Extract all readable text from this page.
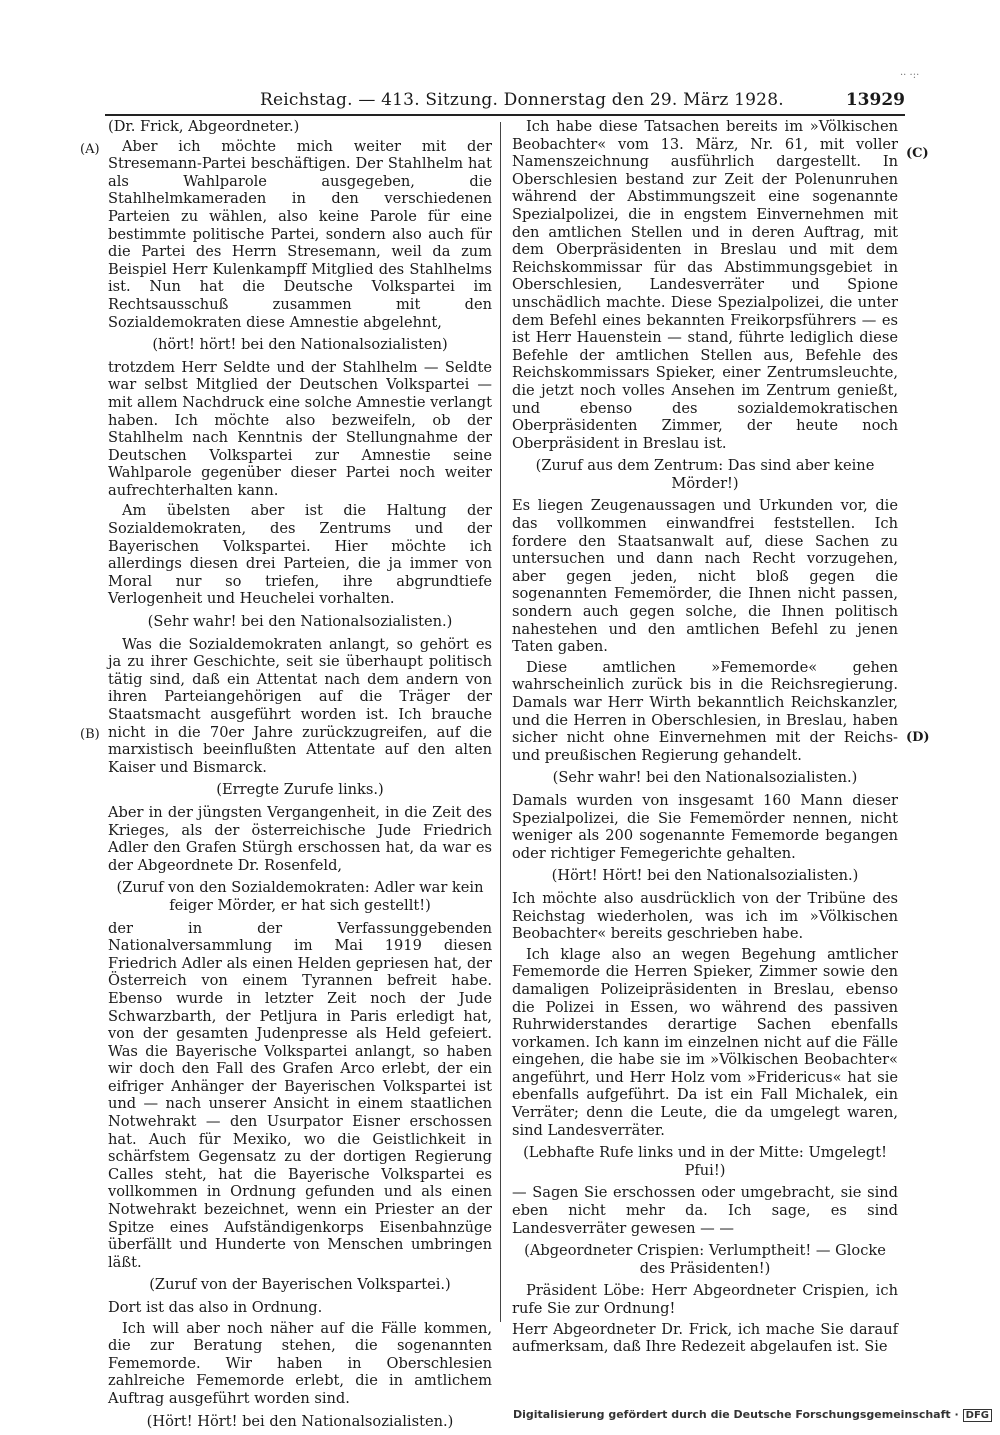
·· ·:·
Reichstag. — 413. Sitzung. Donnerstag den 29. März 1928.	13929
(A)
(B)
(C)
(D)

(Dr. Frick, Abgeordneter.)

Aber ich möchte mich weiter mit der Stresemann-Partei beschäftigen. Der Stahlhelm hat als Wahlparole ausgegeben, die Stahlhelmkameraden in den verschiedenen Parteien zu wählen, also keine Parole für eine bestimmte politische Partei, sondern also auch für die Partei des Herrn Stresemann, weil da zum Beispiel Herr Kulenkampff Mitglied des Stahlhelms ist. Nun hat die Deutsche Volkspartei im Rechtsausschuß zusammen mit den Sozialdemokraten diese Amnestie abgelehnt,

(hört! hört! bei den Nationalsozialisten)

trotzdem Herr Seldte und der Stahlhelm — Seldte war selbst Mitglied der Deutschen Volkspartei — mit allem Nachdruck eine solche Amnestie verlangt haben. Ich möchte also bezweifeln, ob der Stahlhelm nach Kenntnis der Stellungnahme der Deutschen Volkspartei zur Amnestie seine Wahlparole gegenüber dieser Partei noch weiter aufrechterhalten kann.

Am übelsten aber ist die Haltung der Sozialdemokraten, des Zentrums und der Bayerischen Volkspartei. Hier möchte ich allerdings diesen drei Parteien, die ja immer von Moral nur so triefen, ihre abgrundtiefe Verlogenheit und Heuchelei vorhalten.

(Sehr wahr! bei den Nationalsozialisten.)

Was die Sozialdemokraten anlangt, so gehört es ja zu ihrer Geschichte, seit sie überhaupt politisch tätig sind, daß ein Attentat nach dem andern von ihren Parteiangehörigen auf die Träger der Staatsmacht ausgeführt worden ist. Ich brauche nicht in die 70er Jahre zurückzugreifen, auf die marxistisch beeinflußten Attentate auf den alten Kaiser und Bismarck.

(Erregte Zurufe links.)

Aber in der jüngsten Vergangenheit, in die Zeit des Krieges, als der österreichische Jude Friedrich Adler den Grafen Stürgh erschossen hat, da war es der Abgeordnete Dr. Rosenfeld,

(Zuruf von den Sozialdemokraten: Adler war kein feiger Mörder, er hat sich gestellt!)

der in der Verfassunggebenden Nationalversammlung im Mai 1919 diesen Friedrich Adler als einen Helden gepriesen hat, der Österreich von einem Tyrannen befreit habe. Ebenso wurde in letzter Zeit noch der Jude Schwarzbarth, der Petljura in Paris erledigt hat, von der gesamten Judenpresse als Held gefeiert. Was die Bayerische Volkspartei anlangt, so haben wir doch den Fall des Grafen Arco erlebt, der ein eifriger Anhänger der Bayerischen Volkspartei ist und — nach unserer Ansicht in einem staatlichen Notwehrakt — den Usurpator Eisner erschossen hat. Auch für Mexiko, wo die Geistlichkeit in schärfstem Gegensatz zu der dortigen Regierung Calles steht, hat die Bayerische Volkspartei es vollkommen in Ordnung gefunden und als einen Notwehrakt bezeichnet, wenn ein Priester an der Spitze eines Aufständigenkorps Eisenbahnzüge überfällt und Hunderte von Menschen umbringen läßt.

(Zuruf von der Bayerischen Volkspartei.)

Dort ist das also in Ordnung.

Ich will aber noch näher auf die Fälle kommen, die zur Beratung stehen, die sogenannten Fememorde. Wir haben in Oberschlesien zahlreiche Fememorde erlebt, die in amtlichem Auftrag ausgeführt worden sind.

(Hört! Hört! bei den Nationalsozialisten.)

Ich habe diese Tatsachen bereits im »Völkischen Beobachter« vom 13. März, Nr. 61, mit voller Namenszeichnung ausführlich dargestellt. In Oberschlesien bestand zur Zeit der Polenunruhen während der Abstimmungszeit eine sogenannte Spezialpolizei, die in engstem Einvernehmen mit den amtlichen Stellen und in deren Auftrag, mit dem Oberpräsidenten in Breslau und mit dem Reichskommissar für das Abstimmungsgebiet in Oberschlesien, Landesverräter und Spione unschädlich machte. Diese Spezialpolizei, die unter dem Befehl eines bekannten Freikorpsführers — es ist Herr Hauenstein — stand, führte lediglich diese Befehle der amtlichen Stellen aus, Befehle des Reichskommissars Spieker, einer Zentrumsleuchte, die jetzt noch volles Ansehen im Zentrum genießt, und ebenso des sozialdemokratischen Oberpräsidenten Zimmer, der heute noch Oberpräsident in Breslau ist.

(Zuruf aus dem Zentrum: Das sind aber keine Mörder!)

Es liegen Zeugenaussagen und Urkunden vor, die das vollkommen einwandfrei feststellen. Ich fordere den Staatsanwalt auf, diese Sachen zu untersuchen und dann nach Recht vorzugehen, aber gegen jeden, nicht bloß gegen die sogenannten Fememörder, die Ihnen nicht passen, sondern auch gegen solche, die Ihnen politisch nahestehen und den amtlichen Befehl zu jenen Taten gaben.

Diese amtlichen »Fememorde« gehen wahrscheinlich zurück bis in die Reichsregierung. Damals war Herr Wirth bekanntlich Reichskanzler, und die Herren in Oberschlesien, in Breslau, haben sicher nicht ohne Einvernehmen mit der Reichs- und preußischen Regierung gehandelt.

(Sehr wahr! bei den Nationalsozialisten.)

Damals wurden von insgesamt 160 Mann dieser Spezialpolizei, die Sie Fememörder nennen, nicht weniger als 200 sogenannte Fememorde begangen oder richtiger Femegerichte gehalten.

(Hört! Hört! bei den Nationalsozialisten.)

Ich möchte also ausdrücklich von der Tribüne des Reichstag wiederholen, was ich im »Völkischen Beobachter« bereits geschrieben habe.

Ich klage also an wegen Begehung amtlicher Fememorde die Herren Spieker, Zimmer sowie den damaligen Polizeipräsidenten in Breslau, ebenso die Polizei in Essen, wo während des passiven Ruhrwiderstandes derartige Sachen ebenfalls vorkamen. Ich kann im einzelnen nicht auf die Fälle eingehen, die habe sie im »Völkischen Beobachter« angeführt, und Herr Holz vom »Fridericus« hat sie ebenfalls aufgeführt. Da ist ein Fall Michalek, ein Verräter; denn die Leute, die da umgelegt waren, sind Landesverräter.

(Lebhafte Rufe links und in der Mitte: Umgelegt! Pfui!)

— Sagen Sie erschossen oder umgebracht, sie sind eben nicht mehr da. Ich sage, es sind Landesverräter gewesen — —

(Abgeordneter Crispien: Verlumptheit! — Glocke des Präsidenten!)

Präsident Löbe: Herr Abgeordneter Crispien, ich rufe Sie zur Ordnung!

Herr Abgeordneter Dr. Frick, ich mache Sie darauf aufmerksam, daß Ihre Redezeit abgelaufen ist. Sie

Digitalisierung gefördert durch die Deutsche Forschungsgemeinschaft · DFG
